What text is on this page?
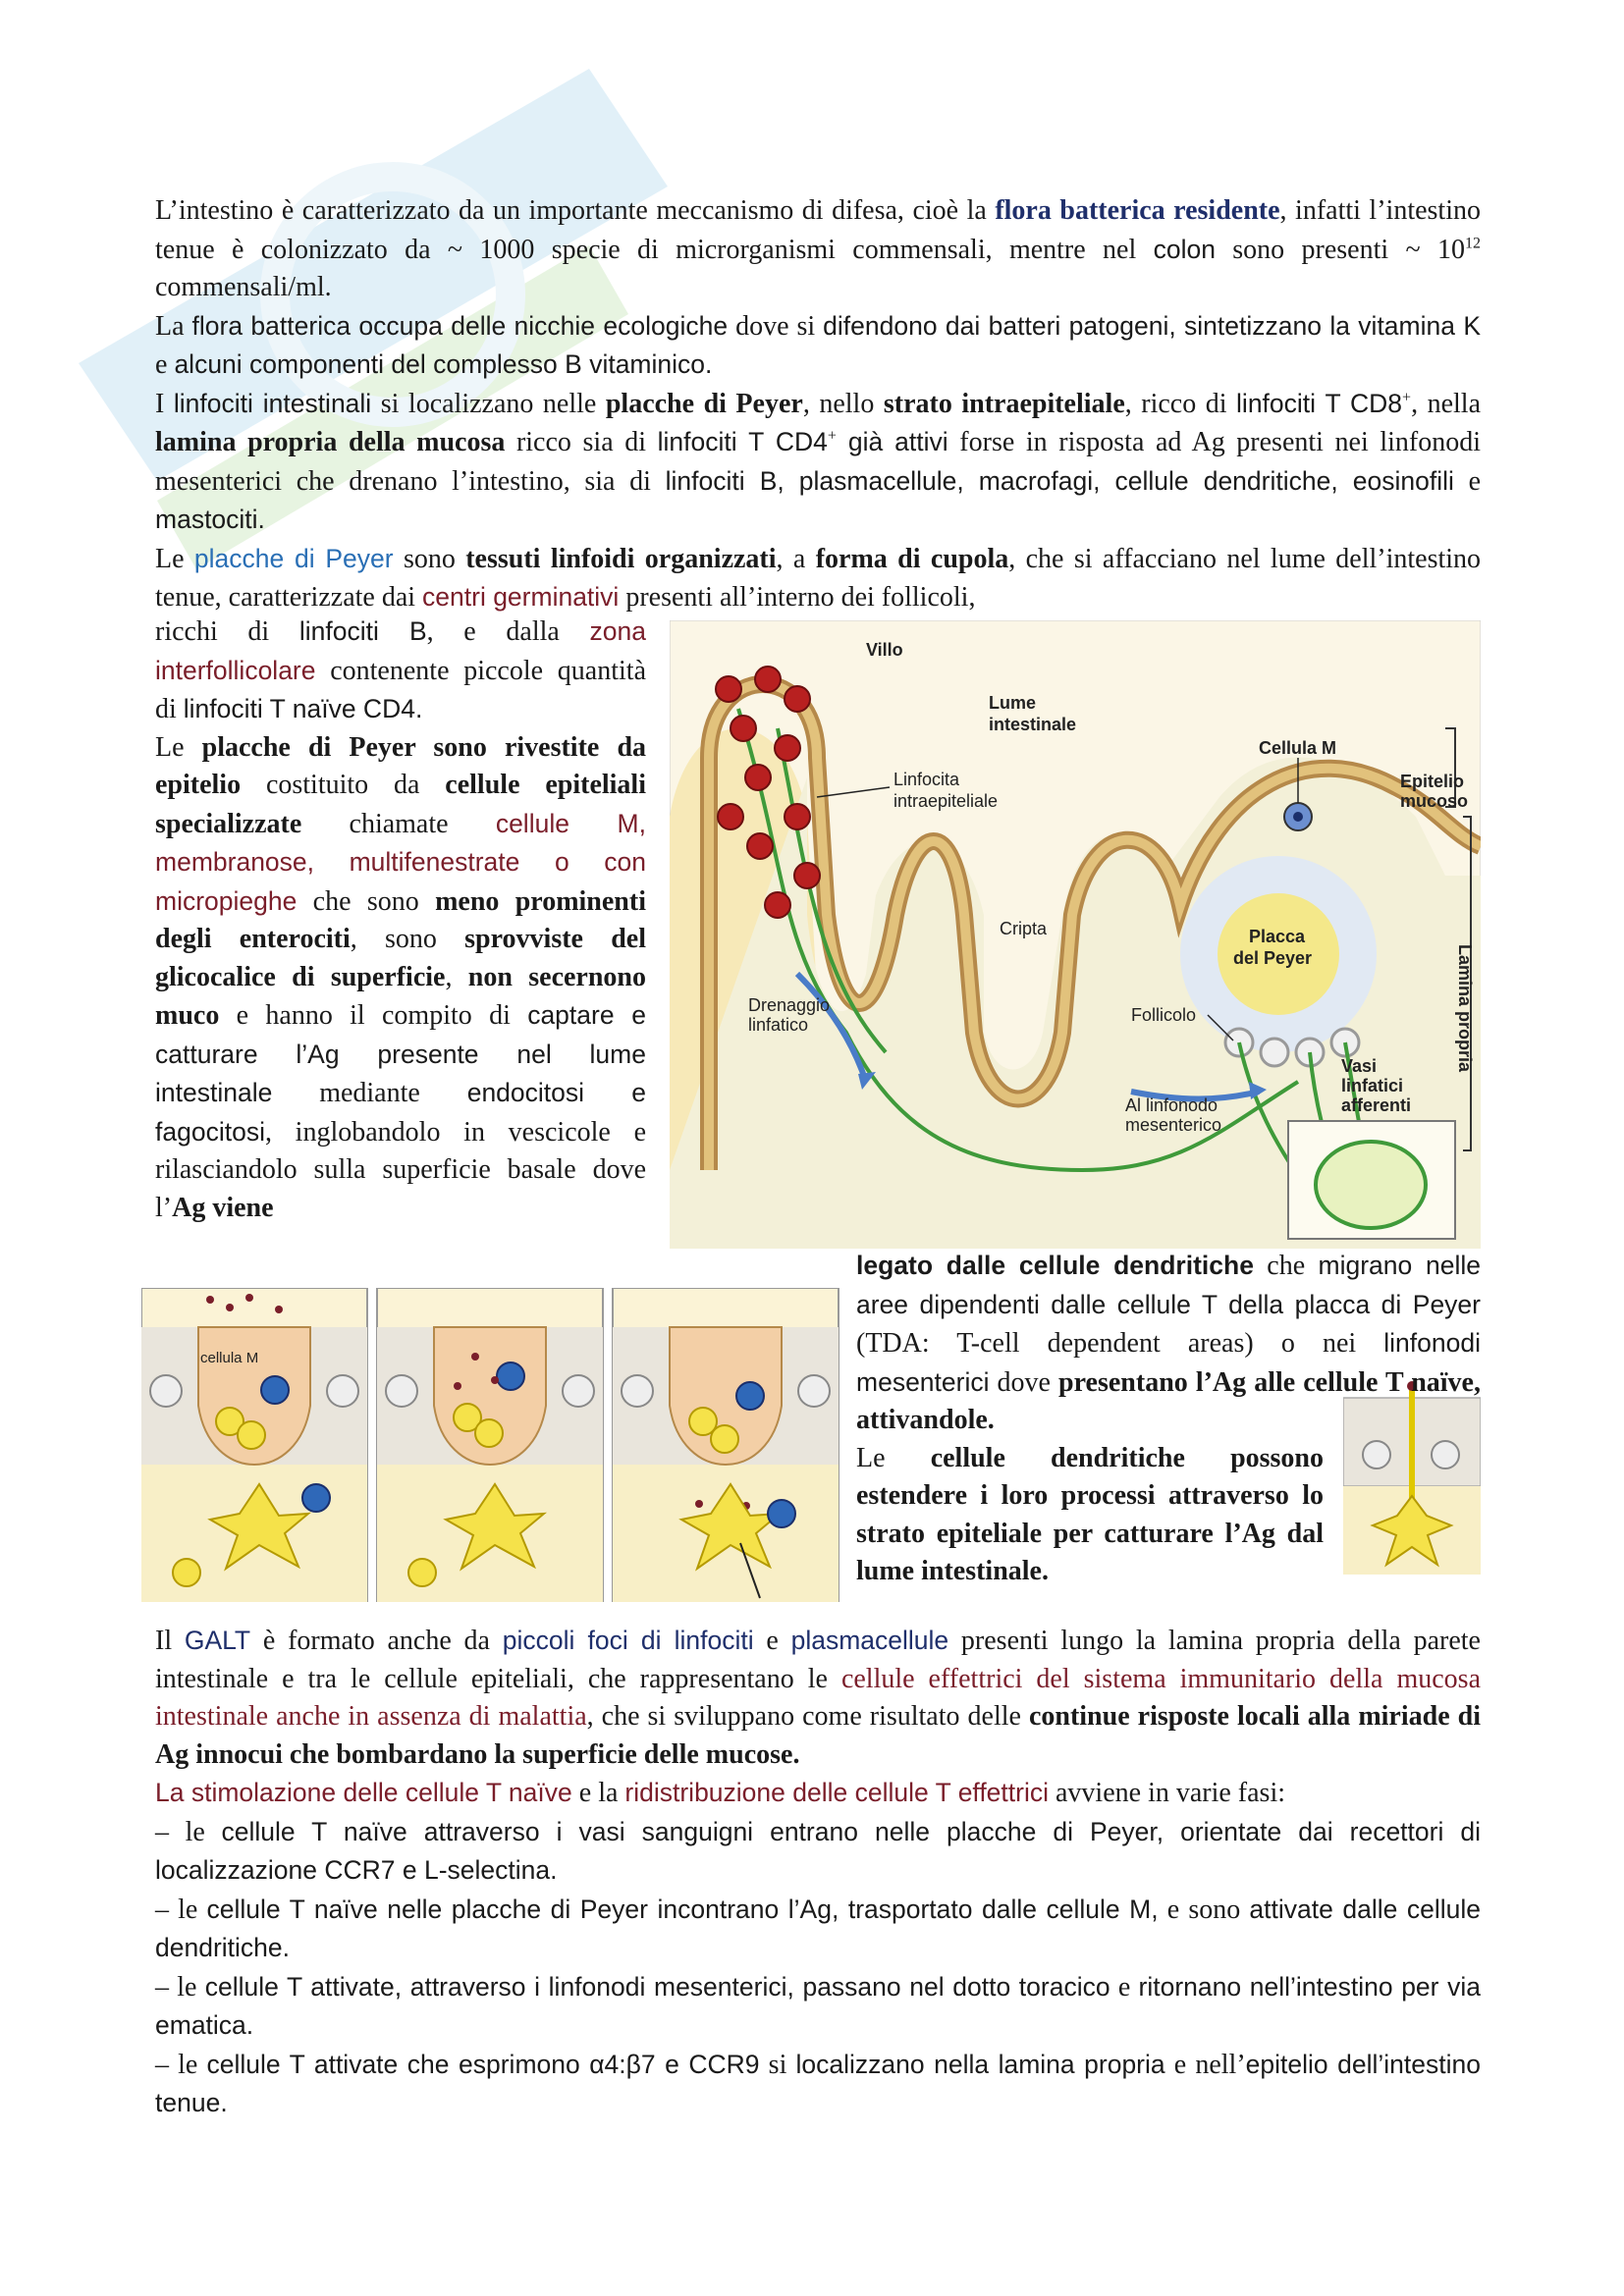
L’intestino è caratterizzato da un importante meccanismo di difesa, cioè la flora batterica residente, infatti l’intestino tenue è colonizzato da ~ 1000 specie di microrganismi commensali, mentre nel colon sono presenti ~ $10^{12}$ commensali/ml.

La flora batterica occupa delle nicchie ecologiche dove si difendono dai batteri patogeni, sintetizzano la vitamina K e alcuni componenti del complesso B vitaminico.

I linfociti intestinali si localizzano nelle placche di Peyer, nello strato intraepiteliale, ricco di linfociti T CD8+, nella lamina propria della mucosa ricco sia di linfociti T CD4+ già attivi forse in risposta ad Ag presenti nei linfonodi mesenterici che drenano l’intestino, sia di linfociti B, plasmacellule, macrofagi, cellule dendritiche, eosinofili e mastociti.

Le placche di Peyer sono tessuti linfoidi organizzati, a forma di cupola, che si affacciano nel lume dell’intestino tenue, caratterizzate dai centri germinativi presenti all’interno dei follicoli,

ricchi di linfociti B, e dalla zona interfollicolare contenente piccole quantità di linfociti T naïve CD4.

Le placche di Peyer sono rivestite da epitelio costituito da cellule epiteliali specializzate chiamate cellule M, membranose, multifenestrate o con micropieghe che sono meno prominenti degli enterociti, sono sprovviste del glicocalice di superficie, non secernono muco e hanno il compito di captare e catturare l’Ag presente nel lume intestinale mediante endocitosi e fagocitosi, inglobandolo in vescicole e rilasciandolo sulla superficie basale dove l’Ag viene

Villo
Lume
intestinale
Cellula M
Epitelio
mucoso
Placca
del Peyer
Vasi
linfatici
afferenti
Linfocita
intraepiteliale
Cripta
Drenaggio
linfatico	Follicolo
Al linfonodo
mesenterico
Lamina propria
cellula M

legato dalle cellule dendritiche che migrano nelle aree dipendenti dalle cellule T della placca di Peyer (TDA: T-cell dependent areas) o nei linfonodi mesenterici dove presentano l’Ag alle cellule T naïve, attivandole.

Le cellule dendritiche possono estendere i loro processi attraverso lo strato epiteliale per catturare l’Ag dal lume intestinale.

Il GALT è formato anche da piccoli foci di linfociti e plasmacellule presenti lungo la lamina propria della parete intestinale e tra le cellule epiteliali, che rappresentano le cellule effettrici del sistema immunitario della mucosa intestinale anche in assenza di malattia, che si sviluppano come risultato delle continue risposte locali alla miriade di Ag innocui che bombardano la superficie delle mucose.

La stimolazione delle cellule T naïve e la ridistribuzione delle cellule T effettrici avviene in varie fasi:

– le cellule T naïve attraverso i vasi sanguigni entrano nelle placche di Peyer, orientate dai recettori di localizzazione CCR7 e L-selectina.

– le cellule T naïve nelle placche di Peyer incontrano l’Ag, trasportato dalle cellule M, e sono attivate dalle cellule dendritiche.

– le cellule T attivate, attraverso i linfonodi mesenterici, passano nel dotto toracico e ritornano nell’intestino per via ematica.

– le cellule T attivate che esprimono α4:β7 e CCR9 si localizzano nella lamina propria e nell’epitelio dell’intestino tenue.
